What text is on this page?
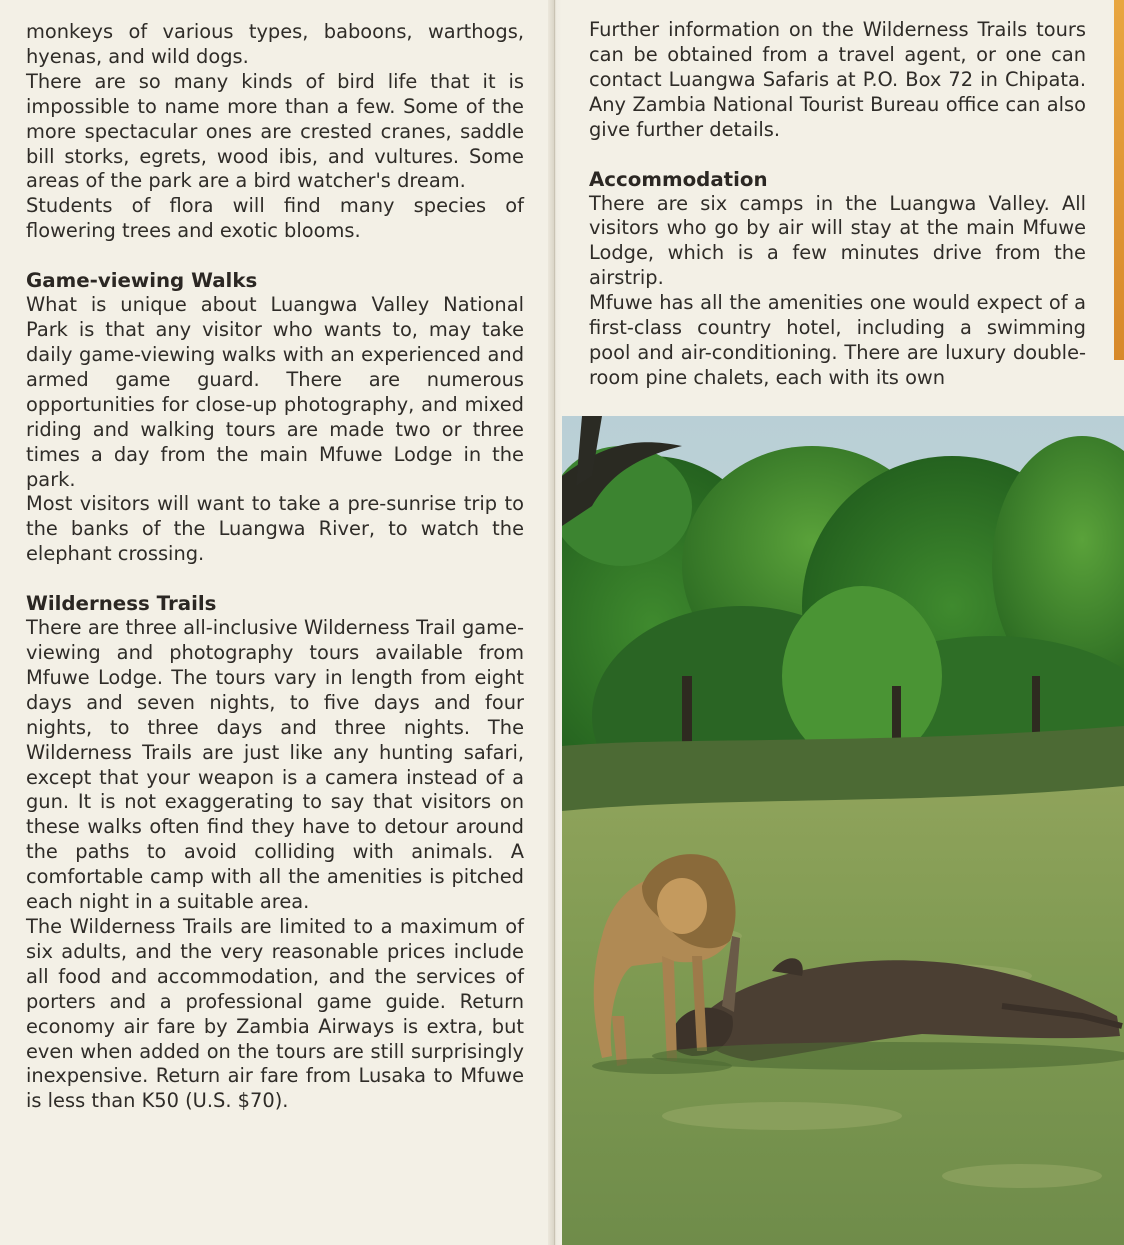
monkeys of various types, baboons, warthogs, hyenas, and wild dogs.

There are so many kinds of bird life that it is impossible to name more than a few. Some of the more spectacular ones are crested cranes, saddle bill storks, egrets, wood ibis, and vultures. Some areas of the park are a bird watcher's dream.

Students of flora will find many species of flowering trees and exotic blooms.

Game-viewing Walks

What is unique about Luangwa Valley National Park is that any visitor who wants to, may take daily game-viewing walks with an experienced and armed game guard. There are numerous opportunities for close-up photography, and mixed riding and walking tours are made two or three times a day from the main Mfuwe Lodge in the park.

Most visitors will want to take a pre-sunrise trip to the banks of the Luangwa River, to watch the elephant crossing.

Wilderness Trails

There are three all-inclusive Wilderness Trail game-viewing and photography tours available from Mfuwe Lodge. The tours vary in length from eight days and seven nights, to five days and four nights, to three days and three nights. The Wilderness Trails are just like any hunting safari, except that your weapon is a camera instead of a gun. It is not exaggerating to say that visitors on these walks often find they have to detour around the paths to avoid colliding with animals. A comfortable camp with all the amenities is pitched each night in a suitable area.

The Wilderness Trails are limited to a maximum of six adults, and the very reasonable prices include all food and accommodation, and the services of porters and a professional game guide. Return economy air fare by Zambia Airways is extra, but even when added on the tours are still surprisingly inexpensive. Return air fare from Lusaka to Mfuwe is less than K50 (U.S. $70).

Further information on the Wilderness Trails tours can be obtained from a travel agent, or one can contact Luangwa Safaris at P.O. Box 72 in Chipata. Any Zambia National Tourist Bureau office can also give further details.

Accommodation

There are six camps in the Luangwa Valley. All visitors who go by air will stay at the main Mfuwe Lodge, which is a few minutes drive from the airstrip.

Mfuwe has all the amenities one would expect of a first-class country hotel, including a swimming pool and air-conditioning. There are luxury double-room pine chalets, each with its own
